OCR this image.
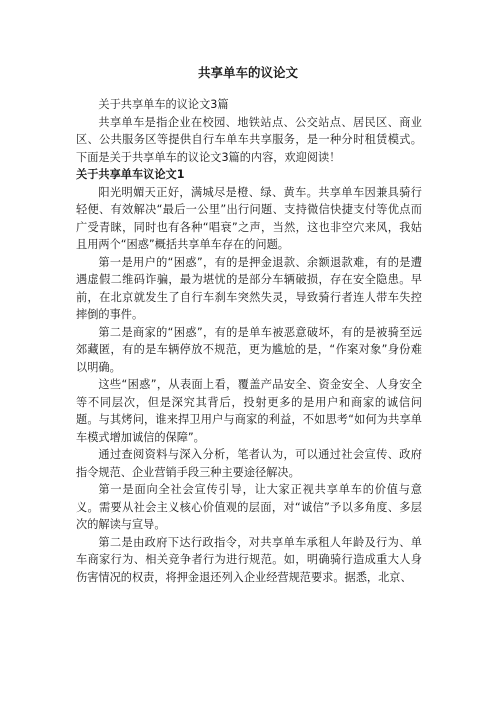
共享单车的议论文

关于共享单车的议论文3篇

共享单车是指企业在校园、地铁站点、公交站点、居民区、商业区、公共服务区等提供自行车单车共享服务，是一种分时租赁模式。下面是关于共享单车的议论文3篇的内容，欢迎阅读！

关于共享单车议论文1

阳光明媚天正好，满城尽是橙、绿、黄车。共享单车因兼具骑行轻便、有效解决“最后一公里”出行问题、支持微信快捷支付等优点而广受青睐，同时也有各种“唱衰”之声，当然，这也非空穴来风，我姑且用两个“困惑”概括共享单车存在的问题。

第一是用户的“困惑”，有的是押金退款、余额退款难，有的是遭遇虚假二维码诈骗，最为堪忧的是部分车辆破损，存在安全隐患。早前，在北京就发生了自行车刹车突然失灵，导致骑行者连人带车失控摔倒的事件。

第二是商家的“困惑”，有的是单车被恶意破坏，有的是被骑至远郊藏匿，有的是车辆停放不规范，更为尴尬的是，“作案对象”身份难以明确。

这些“困惑”，从表面上看，覆盖产品安全、资金安全、人身安全等不同层次，但是深究其背后，投射更多的是用户和商家的诚信问题。与其烤问，谁来捍卫用户与商家的利益，不如思考“如何为共享单车模式增加诚信的保障”。

通过查阅资料与深入分析，笔者认为，可以通过社会宣传、政府指令规范、企业营销手段三种主要途径解决。

第一是面向全社会宣传引导，让大家正视共享单车的价值与意义。需要从社会主义核心价值观的层面，对“诚信”予以多角度、多层次的解读与宣导。

第二是由政府下达行政指令，对共享单车承租人年龄及行为、单车商家行为、相关竞争者行为进行规范。如，明确骑行造成重大人身伤害情况的权责，将押金退还列入企业经营规范要求。据悉，北京、
